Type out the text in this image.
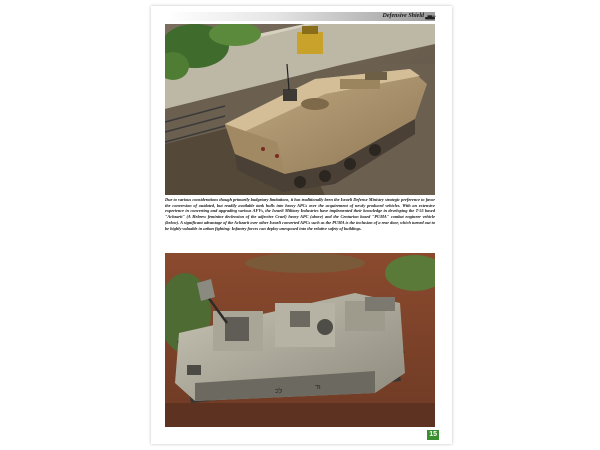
Defensive Shield
Due to various considerations though primarily budgetary limitations, it has traditionally been the Israeli Defense Ministry strategic preference to favor the conversion of outdated, but readily available tank hulls into heavy APCs over the acquirement of newly produced vehicles. With an extensive experience in converting and upgrading various AFVs, the Israeli Military Industries have implemented their knowledge in developing the T-55 based "Achzarit" (A Hebrew feminine declension of the adjective Cruel) heavy APC (above) and the Centurion based "PUMA" combat engineer vehicle (below). A significant advantage of the Achzarit over other Israeli converted APCs such as the PUMA is the inclusion of a rear door, which turned out to be highly valuable in urban fighting: Infantry forces can deploy unexposed into the relative safety of buildings.
לכ
וד
15
